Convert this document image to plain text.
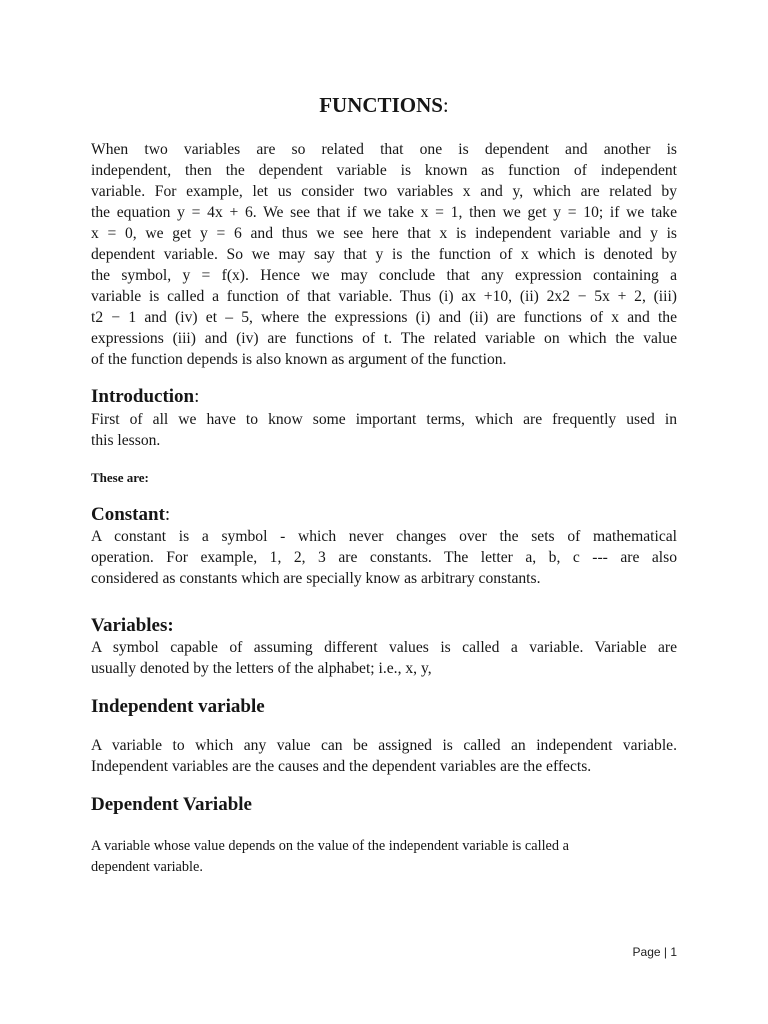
FUNCTIONS:
When two variables are so related that one is dependent and another is
independent, then the dependent variable is known as function of independent
variable. For example, let us consider two variables x and y, which are related by
the equation y = 4x + 6. We see that if we take x = 1, then we get y = 10; if we take
x = 0, we get y = 6 and thus we see here that x is independent variable and y is
dependent variable. So we may say that y is the function of x which is denoted by
the symbol, y = f(x). Hence we may conclude that any expression containing a
variable is called a function of that variable. Thus (i) ax +10, (ii) 2x2 − 5x + 2, (iii)
t2 − 1 and (iv) et – 5, where the expressions (i) and (ii) are functions of x and the
expressions (iii) and (iv) are functions of t. The related variable on which the value
of the function depends is also known as argument of the function.
Introduction:
First of all we have to know some important terms, which are frequently used in
this lesson.
These are:
Constant:
A constant is a symbol - which never changes over the sets of mathematical
operation. For example, 1, 2, 3 are constants. The letter a, b, c --- are also
considered as constants which are specially know as arbitrary constants.
Variables:
A symbol capable of assuming different values is called a variable. Variable are
usually denoted by the letters of the alphabet; i.e., x, y,
Independent variable
A variable to which any value can be assigned is called an independent variable.
Independent variables are the causes and the dependent variables are the effects.
Dependent Variable
A variable whose value depends on the value of the independent variable is called a
dependent variable.
Page | 1
